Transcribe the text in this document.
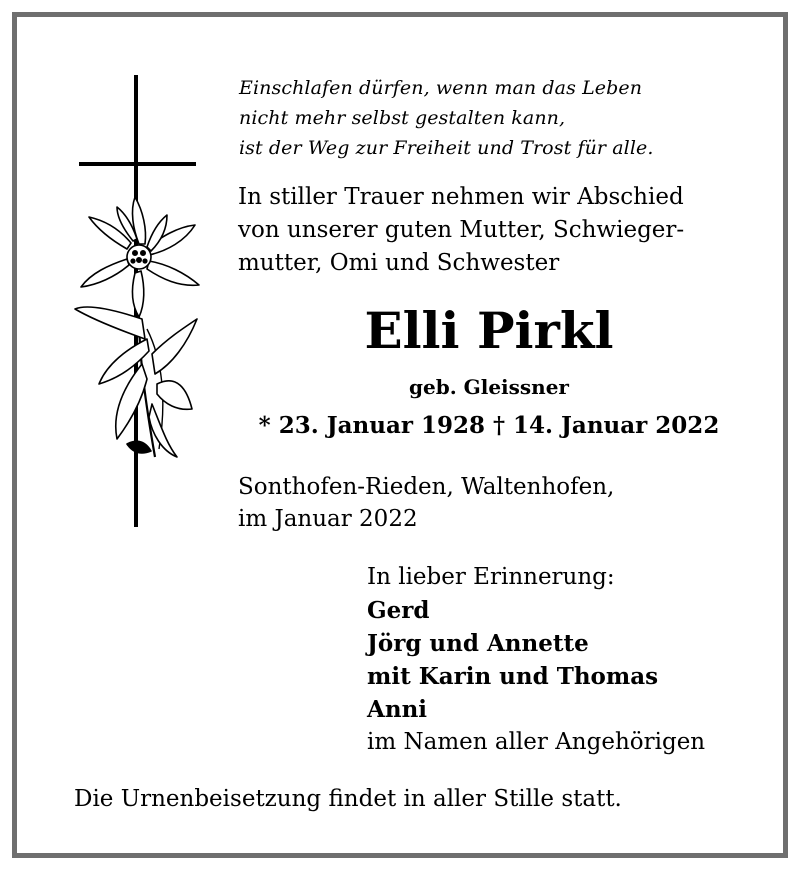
Einschlafen dürfen, wenn man das Leben
nicht mehr selbst gestalten kann,
ist der Weg zur Freiheit und Trost für alle.
In stiller Trauer nehmen wir Abschied
von unserer guten Mutter, Schwieger-
mutter, Omi und Schwester
Elli Pirkl
geb. Gleissner
* 23. Januar 1928 † 14. Januar 2022
Sonthofen-Rieden, Waltenhofen,
im Januar 2022
In lieber Erinnerung:
Gerd
Jörg und Annette
mit Karin und Thomas
Anni
im Namen aller Angehörigen
Die Urnenbeisetzung findet in aller Stille statt.
